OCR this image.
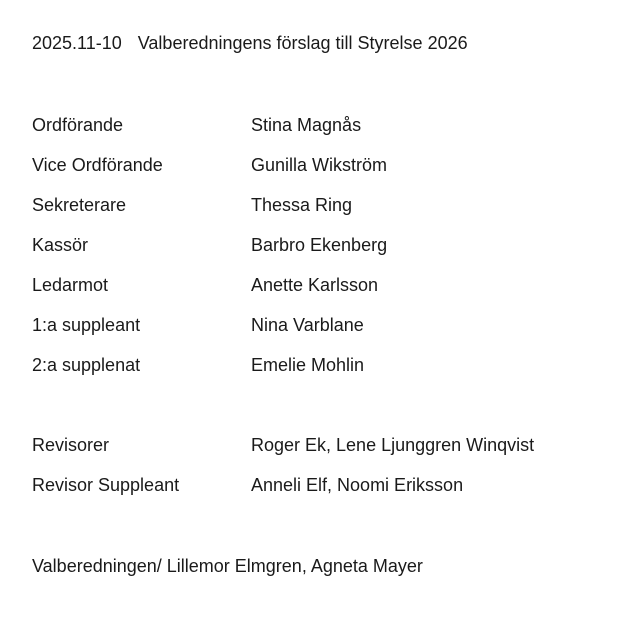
2025.11-10 Valberedningens förslag till Styrelse 2026
Ordförande	Stina Magnås
Vice Ordförande	Gunilla Wikström
Sekreterare	Thessa Ring
Kassör	Barbro Ekenberg
Ledarmot	Anette Karlsson
1:a suppleant	Nina Varblane
2:a supplenat	Emelie Mohlin
Revisorer	Roger Ek, Lene Ljunggren Winqvist
Revisor Suppleant	Anneli Elf, Noomi Eriksson
Valberedningen/ Lillemor Elmgren, Agneta Mayer
